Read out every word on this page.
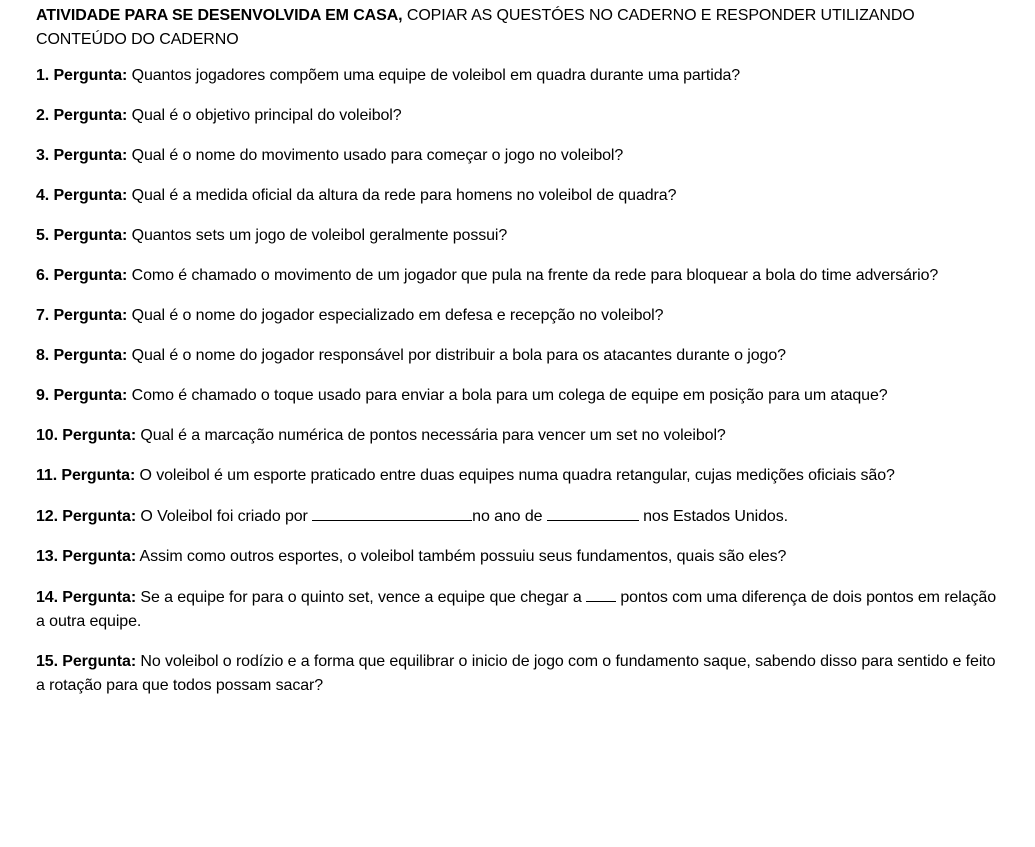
ATIVIDADE PARA SE DESENVOLVIDA EM CASA, COPIAR AS QUESTÓES NO CADERNO E RESPONDER UTILIZANDO CONTEÚDO DO CADERNO

1. Pergunta: Quantos jogadores compõem uma equipe de voleibol em quadra durante uma partida?

2. Pergunta: Qual é o objetivo principal do voleibol?

3. Pergunta: Qual é o nome do movimento usado para começar o jogo no voleibol?

4. Pergunta: Qual é a medida oficial da altura da rede para homens no voleibol de quadra?

5. Pergunta: Quantos sets um jogo de voleibol geralmente possui?

6. Pergunta: Como é chamado o movimento de um jogador que pula na frente da rede para bloquear a bola do time adversário?

7. Pergunta: Qual é o nome do jogador especializado em defesa e recepção no voleibol?

8. Pergunta: Qual é o nome do jogador responsável por distribuir a bola para os atacantes durante o jogo?

9. Pergunta: Como é chamado o toque usado para enviar a bola para um colega de equipe em posição para um ataque?

10. Pergunta: Qual é a marcação numérica de pontos necessária para vencer um set no voleibol?

11. Pergunta: O voleibol é um esporte praticado entre duas equipes numa quadra retangular, cujas medições oficiais são?

12. Pergunta: O Voleibol foi criado por	no ano de	nos Estados Unidos.

13. Pergunta: Assim como outros esportes, o voleibol também possuiu seus fundamentos, quais são eles?

14. Pergunta: Se a equipe for para o quinto set, vence a equipe que chegar a  pontos com uma diferença de dois pontos em relação a outra equipe.

15. Pergunta: No voleibol o rodízio e a forma que equilibrar o inicio de jogo com o fundamento saque, sabendo disso para sentido e feito a rotação para que todos possam sacar?
